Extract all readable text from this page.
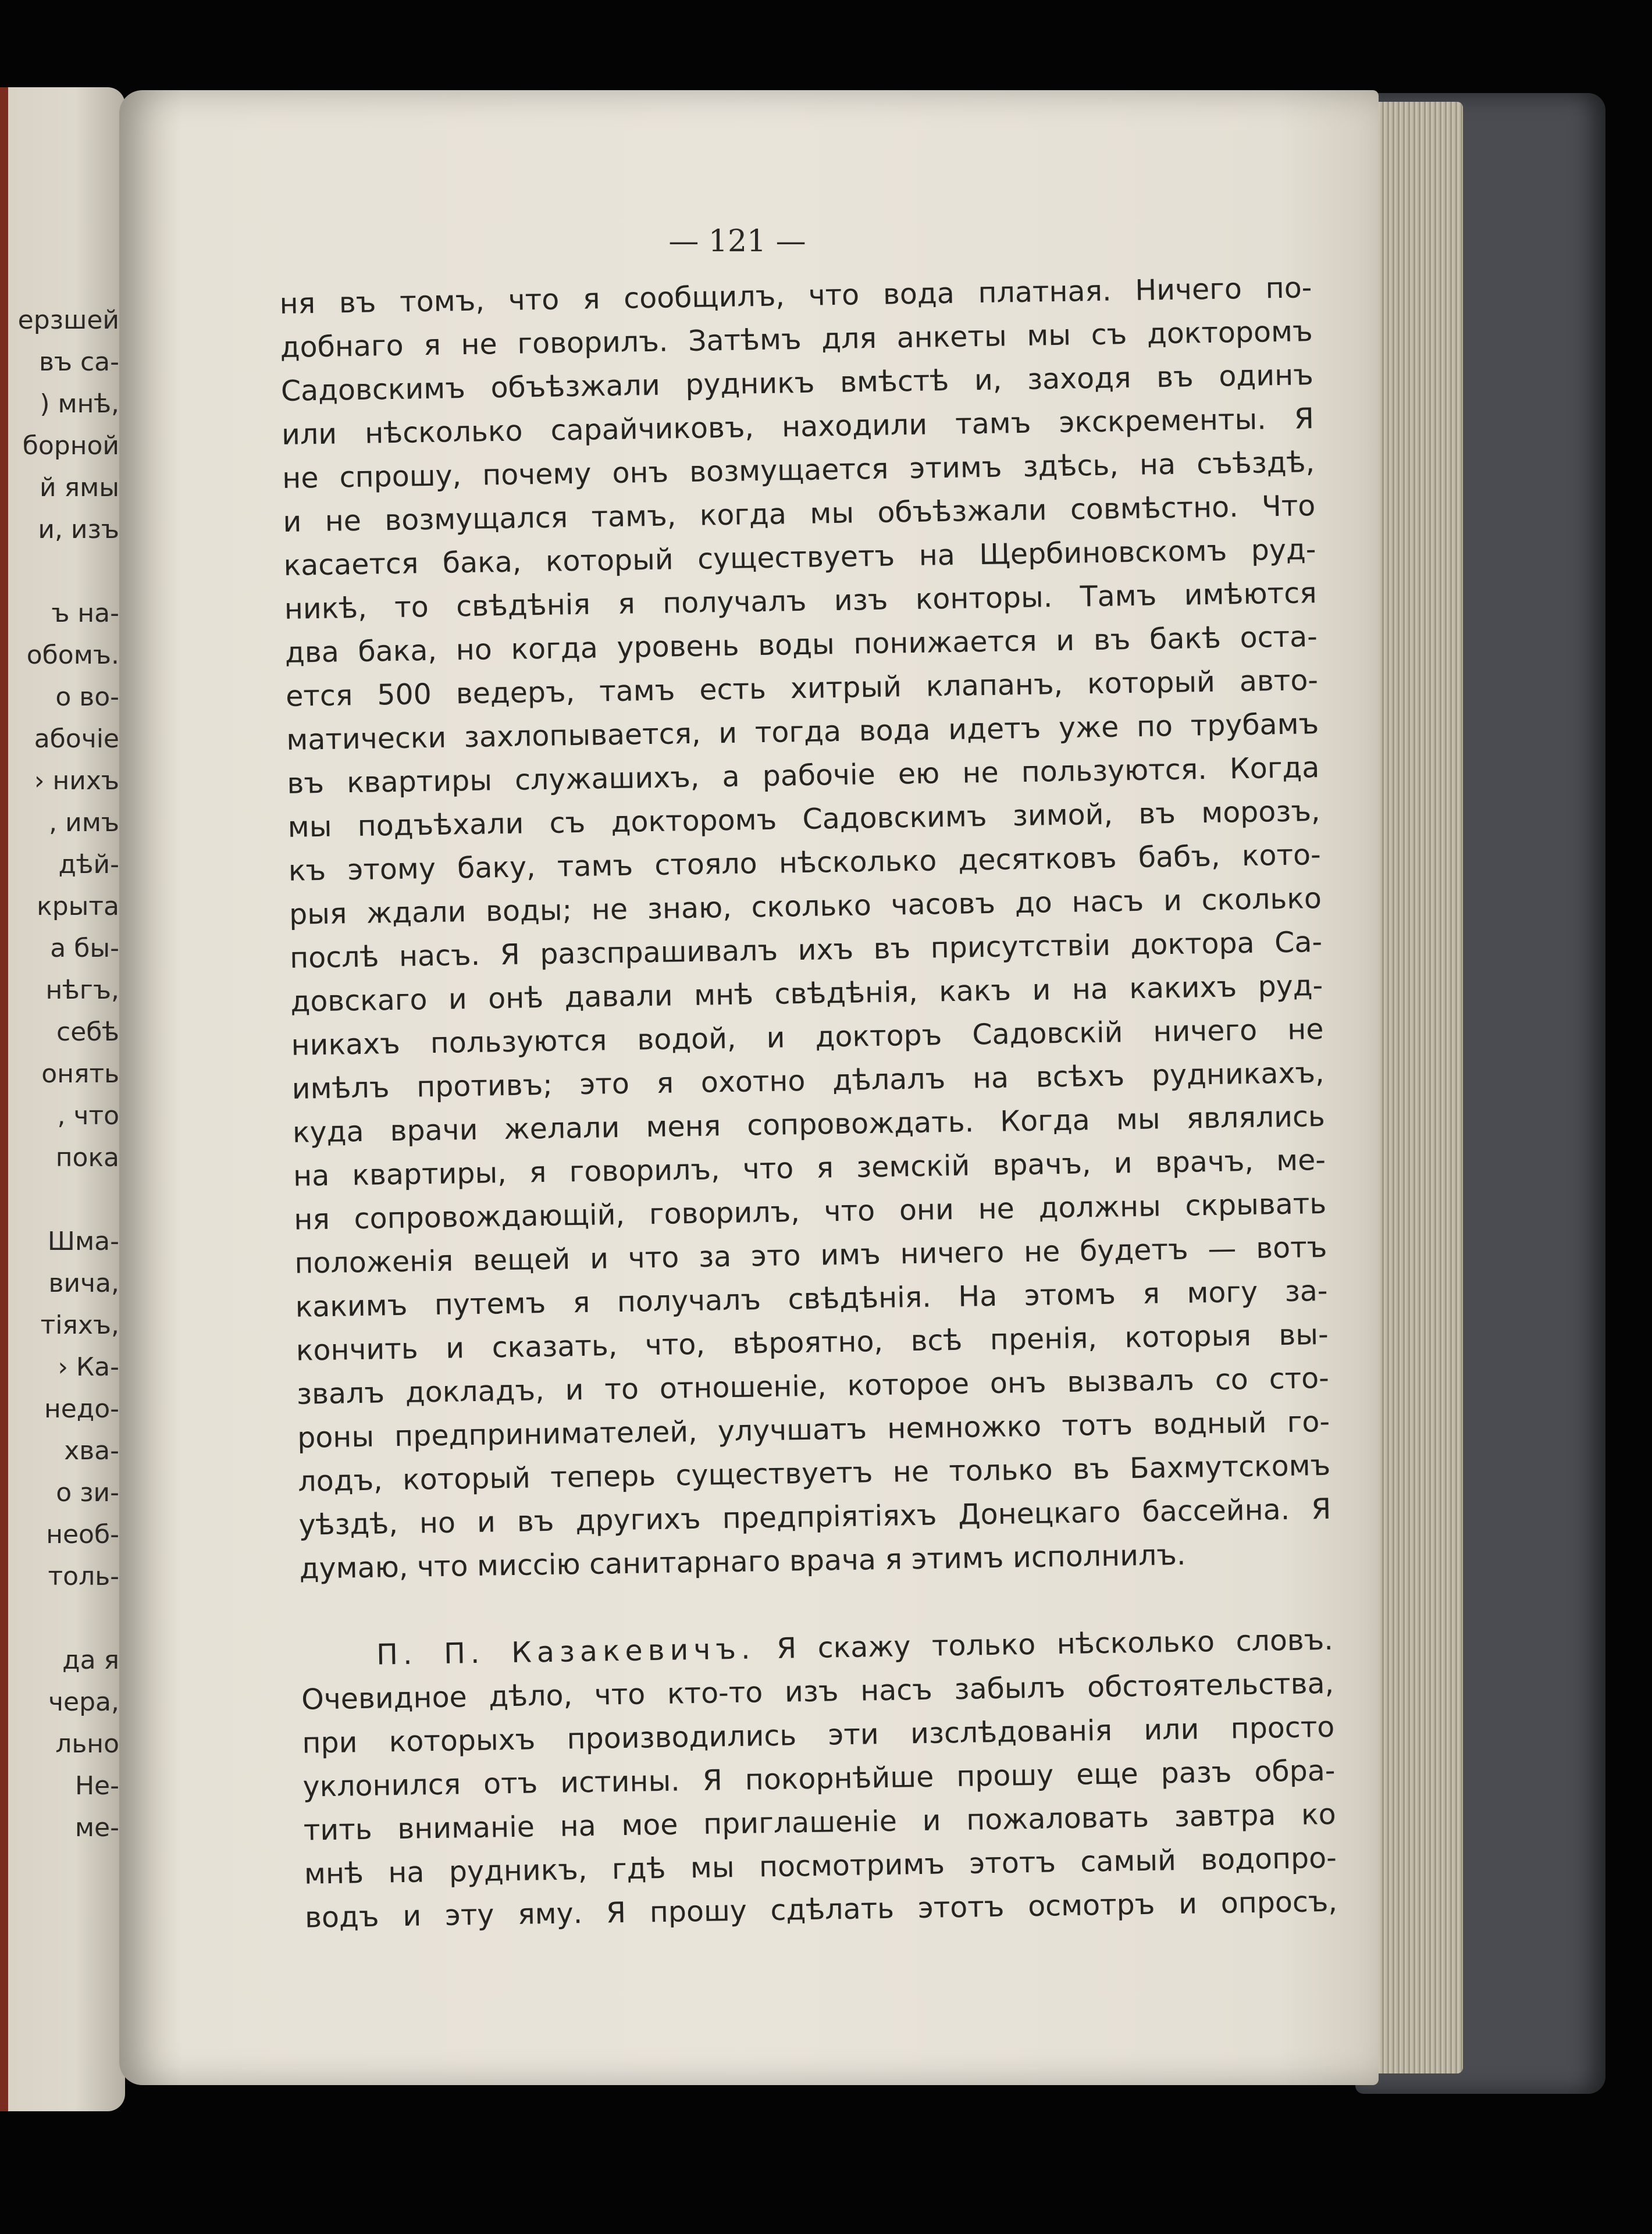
ерзшей
въ са-
) мнѣ,
борной
й ямы
и, изъ
ъ на-
обомъ.
о во-
абочіе
› нихъ
, имъ
дѣй-
крыта
а бы-
нѣгъ,
себѣ
онять
, что
пока
Шма-
вича,
тіяхъ,
› Ка-
недо-
хва-
о зи-
необ-
толь-
да я
чера,
льно
Не-
ме-
— 121 —
ня въ томъ, что я сообщилъ, что вода платная. Ничего по-
добнаго я не говорилъ. Затѣмъ для анкеты мы съ докторомъ
Садовскимъ объѣзжали рудникъ вмѣстѣ и, заходя въ одинъ
или нѣсколько сарайчиковъ, находили тамъ экскременты. Я
не спрошу, почему онъ возмущается этимъ здѣсь, на съѣздѣ,
и не возмущался тамъ, когда мы объѣзжали совмѣстно. Что
касается бака, который существуетъ на Щербиновскомъ руд-
никѣ, то свѣдѣнія я получалъ изъ конторы. Тамъ имѣются
два бака, но когда уровень воды понижается и въ бакѣ оста-
ется 500 ведеръ, тамъ есть хитрый клапанъ, который авто-
матически захлопывается, и тогда вода идетъ уже по трубамъ
въ квартиры служашихъ, а рабочіе ею не пользуются. Когда
мы подъѣхали съ докторомъ Садовскимъ зимой, въ морозъ,
къ этому баку, тамъ стояло нѣсколько десятковъ бабъ, кото-
рыя ждали воды; не знаю, сколько часовъ до насъ и сколько
послѣ насъ. Я разспрашивалъ ихъ въ присутствіи доктора Са-
довскаго и онѣ давали мнѣ свѣдѣнія, какъ и на какихъ руд-
никахъ пользуются водой, и докторъ Садовскій ничего не
имѣлъ противъ; это я охотно дѣлалъ на всѣхъ рудникахъ,
куда врачи желали меня сопровождать. Когда мы являлись
на квартиры, я говорилъ, что я земскій врачъ, и врачъ, ме-
ня сопровождающій, говорилъ, что они не должны скрывать
положенія вещей и что за это имъ ничего не будетъ — вотъ
какимъ путемъ я получалъ свѣдѣнія. На этомъ я могу за-
кончить и сказать, что, вѣроятно, всѣ пренія, которыя вы-
звалъ докладъ, и то отношеніе, которое онъ вызвалъ со сто-
роны предпринимателей, улучшатъ немножко тотъ водный го-
лодъ, который теперь существуетъ не только въ Бахмутскомъ
уѣздѣ, но и въ другихъ предпріятіяхъ Донецкаго бассейна. Я
думаю, что миссію санитарнаго врача я этимъ исполнилъ.
П. П. Казакевичъ. Я скажу только нѣсколько словъ.
Очевидное дѣло, что кто-то изъ насъ забылъ обстоятельства,
при которыхъ производились эти изслѣдованія или просто
уклонился отъ истины. Я покорнѣйше прошу еще разъ обра-
тить вниманіе на мое приглашеніе и пожаловать завтра ко
мнѣ на рудникъ, гдѣ мы посмотримъ этотъ самый водопро-
водъ и эту яму. Я прошу сдѣлать этотъ осмотръ и опросъ,
